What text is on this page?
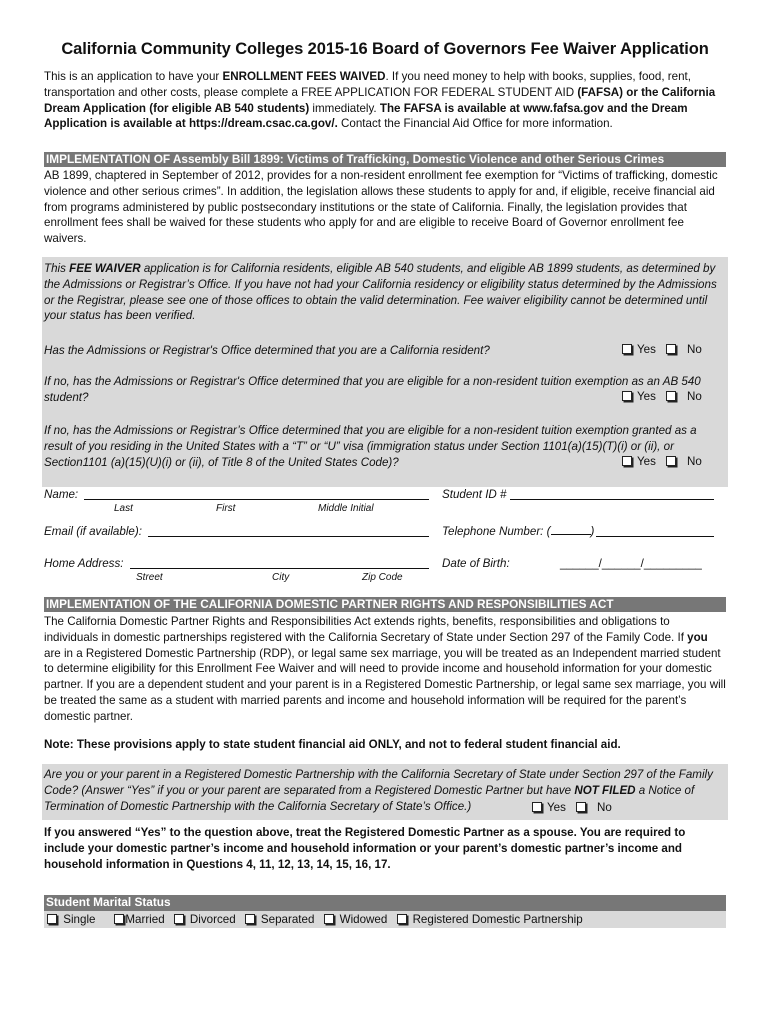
California Community Colleges 2015-16 Board of Governors Fee Waiver Application
This is an application to have your ENROLLMENT FEES WAIVED. If you need money to help with books, supplies, food, rent, transportation and other costs, please complete a FREE APPLICATION FOR FEDERAL STUDENT AID (FAFSA) or the California Dream Application (for eligible AB 540 students) immediately. The FAFSA is available at www.fafsa.gov and the Dream Application is available at https://dream.csac.ca.gov/. Contact the Financial Aid Office for more information.
IMPLEMENTATION OF Assembly Bill 1899: Victims of Trafficking, Domestic Violence and other Serious Crimes
AB 1899, chaptered in September of 2012, provides for a non-resident enrollment fee exemption for “Victims of trafficking, domestic violence and other serious crimes”. In addition, the legislation allows these students to apply for and, if eligible, receive financial aid from programs administered by public postsecondary institutions or the state of California. Finally, the legislation provides that enrollment fees shall be waived for these students who apply for and are eligible to receive Board of Governor enrollment fee waivers.
This FEE WAIVER application is for California residents, eligible AB 540 students, and eligible AB 1899 students, as determined by the Admissions or Registrar’s Office. If you have not had your California residency or eligibility status determined by the Admissions or the Registrar, please see one of those offices to obtain the valid determination. Fee waiver eligibility cannot be determined until your status has been verified.
Has the Admissions or Registrar's Office determined that you are a California resident?	Yes	No
If no, has the Admissions or Registrar's Office determined that you are eligible for a non-resident tuition exemption as an AB 540 student?	Yes	No
If no, has the Admissions or Registrar’s Office determined that you are eligible for a non-resident tuition exemption granted as a result of you residing in the United States with a “T” or “U” visa (immigration status under Section 1101(a)(15)(T)(i) or (ii), or Section1101 (a)(15)(U)(i) or (ii), of Title 8 of the United States Code)?	Yes	No
Name:
Last	First	Middle Initial
Student ID #
Email (if available):	Telephone Number: (	)
Home Address:
Street	City	Zip Code
Date of Birth:	______/______/_________
IMPLEMENTATION OF THE CALIFORNIA DOMESTIC PARTNER RIGHTS AND RESPONSIBILITIES ACT
The California Domestic Partner Rights and Responsibilities Act extends rights, benefits, responsibilities and obligations to individuals in domestic partnerships registered with the California Secretary of State under Section 297 of the Family Code. If you are in a Registered Domestic Partnership (RDP), or legal same sex marriage, you will be treated as an Independent married student to determine eligibility for this Enrollment Fee Waiver and will need to provide income and household information for your domestic partner. If you are a dependent student and your parent is in a Registered Domestic Partnership, or legal same sex marriage, you will be treated the same as a student with married parents and income and household information will be required for the parent’s domestic partner.
Note: These provisions apply to state student financial aid ONLY, and not to federal student financial aid.
Are you or your parent in a Registered Domestic Partnership with the California Secretary of State under Section 297 of the Family Code? (Answer “Yes” if you or your parent are separated from a Registered Domestic Partner but have NOT FILED a Notice of Termination of Domestic Partnership with the California Secretary of State’s Office.)	Yes	No
If you answered “Yes” to the question above, treat the Registered Domestic Partner as a spouse. You are required to include your domestic partner’s income and household information or your parent’s domestic partner’s income and household information in Questions 4, 11, 12, 13, 14, 15, 16, 17.
Student Marital Status
Single	Married Divorced Separated Widowed Registered Domestic Partnership
